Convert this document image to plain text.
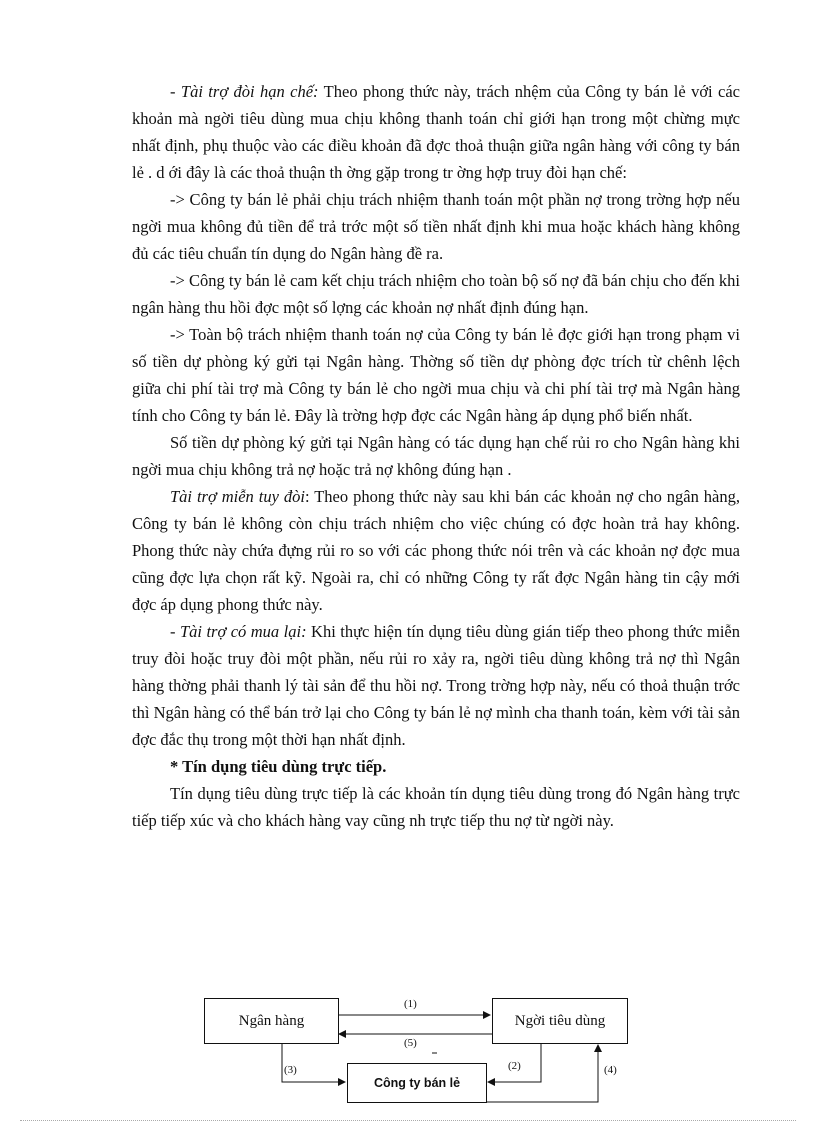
- Tài trợ đòi hạn chế: Theo phong thức này, trách nhệm của Công ty bán lẻ với các khoản mà ngời tiêu dùng mua chịu không thanh toán chỉ giới hạn trong một chừng mực nhất định, phụ thuộc vào các điều khoản đã đợc thoả thuận giữa ngân hàng với công ty bán lẻ . d ới đây là các thoả thuận th ờng gặp trong tr ờng hợp truy đòi hạn chế:

-> Công ty bán lẻ phải chịu trách nhiệm thanh toán một phần nợ trong trờng hợp nếu ngời mua không đủ tiền để trả trớc một số tiền nhất định khi mua hoặc khách hàng không đủ các tiêu chuẩn tín dụng do Ngân hàng đề ra.

-> Công ty bán lẻ cam kết chịu trách nhiệm cho toàn bộ số nợ đã bán chịu cho đến khi ngân hàng thu hồi đợc một số lợng các khoản nợ nhất định đúng hạn.

-> Toàn bộ trách nhiệm thanh toán nợ của Công ty bán lẻ đợc giới hạn trong phạm vi số tiền dự phòng ký gửi tại Ngân hàng. Thờng số tiền dự phòng đợc trích từ chênh lệch giữa chi phí tài trợ mà Công ty bán lẻ cho ngời mua chịu và chi phí tài trợ mà Ngân hàng tính cho Công ty bán lẻ. Đây là trờng hợp đợc các Ngân hàng áp dụng phổ biến nhất.

Số tiền dự phòng ký gửi tại Ngân hàng có tác dụng hạn chế rủi ro cho Ngân hàng khi ngời mua chịu không trả nợ hoặc trả nợ không đúng hạn .

Tài trợ miễn tuy đòi: Theo phong thức này sau khi bán các khoản nợ cho ngân hàng, Công ty bán lẻ không còn chịu trách nhiệm cho việc chúng có đợc hoàn trả hay không. Phong thức này chứa đựng rủi ro so với các phong thức nói trên và các khoản nợ đợc mua cũng đợc lựa chọn rất kỹ. Ngoài ra, chỉ có những Công ty rất đợc Ngân hàng tin cậy mới đợc áp dụng phong thức này.

- Tài trợ có mua lại: Khi thực hiện tín dụng tiêu dùng gián tiếp theo phong thức miễn truy đòi hoặc truy đòi một phần, nếu rủi ro xảy ra, ngời tiêu dùng không trả nợ thì Ngân hàng thờng phải thanh lý tài sản để thu hồi nợ. Trong trờng hợp này, nếu có thoả thuận trớc thì Ngân hàng có thể bán trở lại cho Công ty bán lẻ nợ mình cha thanh toán, kèm với tài sản đợc đắc thụ trong một thời hạn nhất định.

* Tín dụng tiêu dùng trực tiếp.

Tín dụng tiêu dùng trực tiếp là các khoản tín dụng tiêu dùng trong đó Ngân hàng trực tiếp tiếp xúc và cho khách hàng vay cũng nh trực tiếp thu nợ từ ngời này.

Ngân hàng	Ngời tiêu dùng
Công ty bán lẻ
(1)
(5)
(3)	(2)	(4)
